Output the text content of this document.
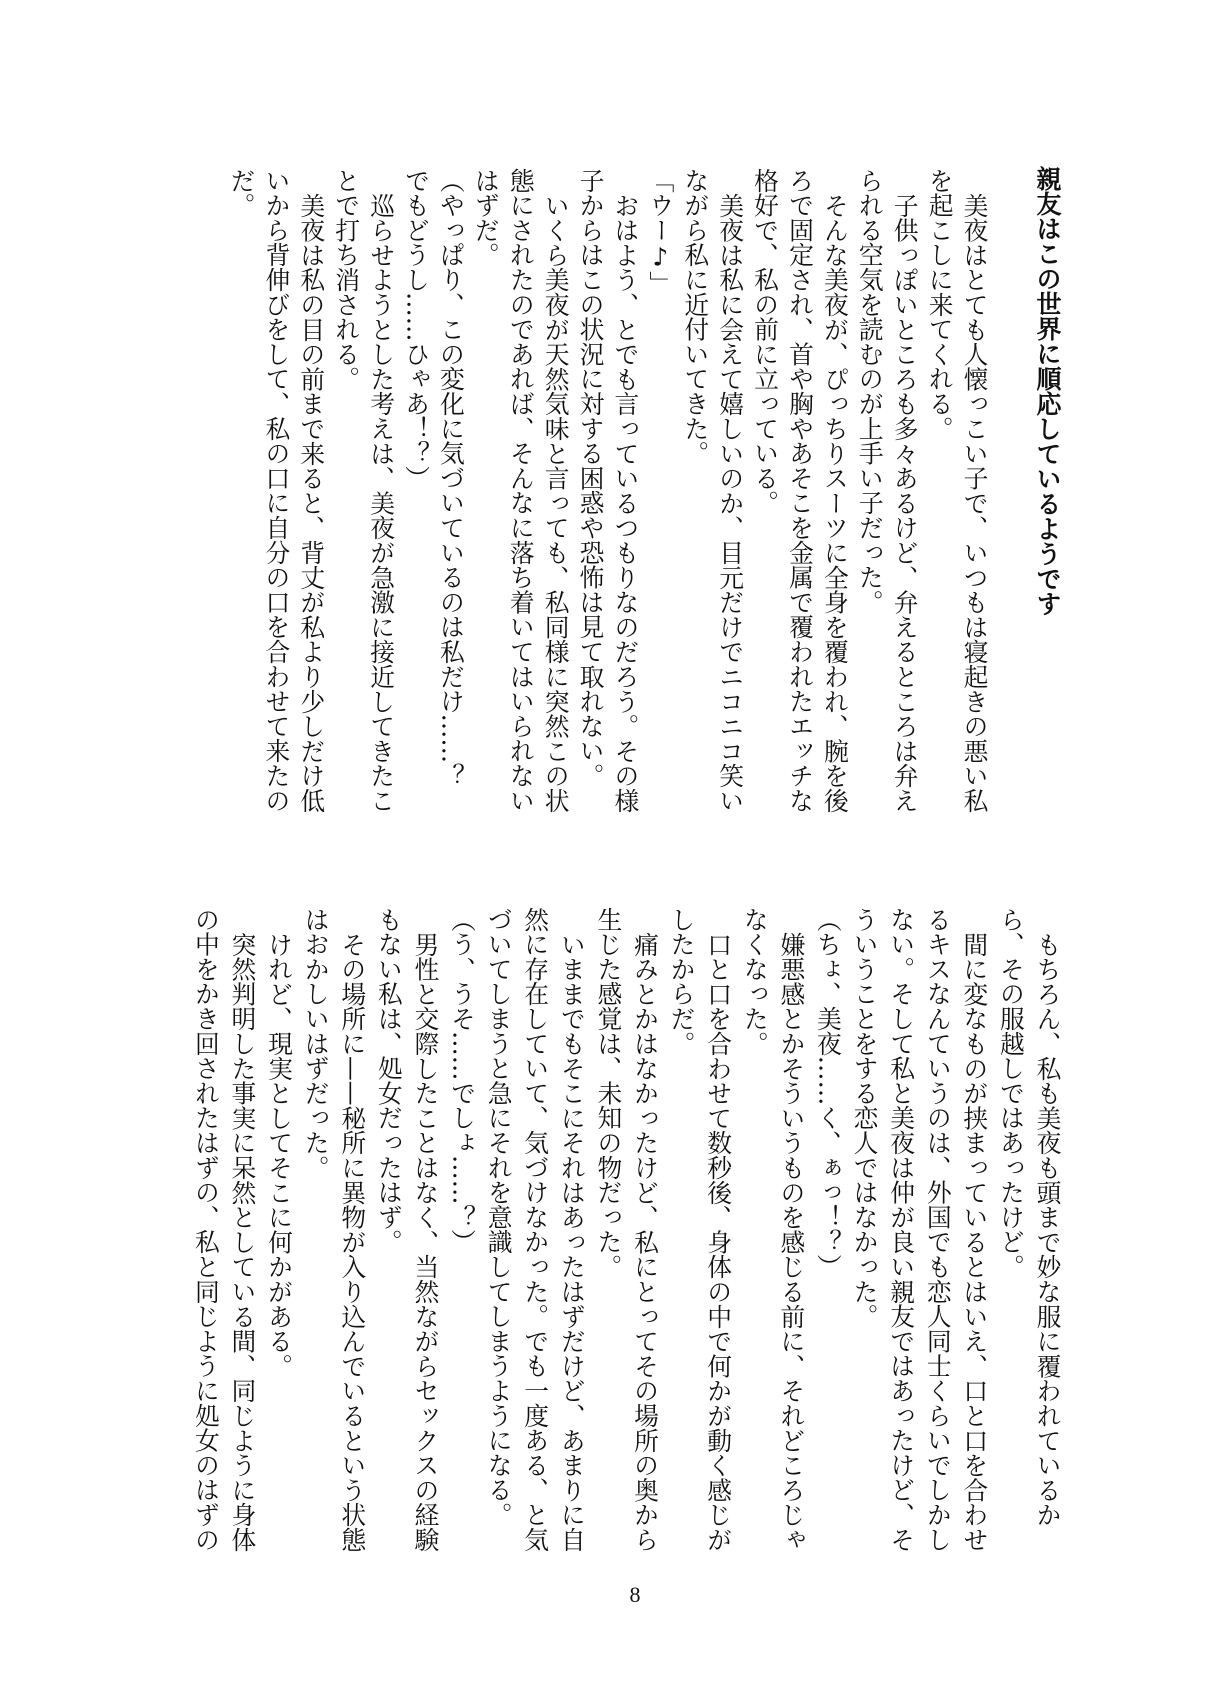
親友はこの世界に順応しているようです
美夜はとても人懐っこい子で、いつもは寝起きの悪い私
を起こしに来てくれる。
子供っぽいところも多々あるけど、弁えるところは弁え
られる空気を読むのが上手い子だった。
そんな美夜が、ぴっちりスーツに全身を覆われ、腕を後
ろで固定され、首や胸やあそこを金属で覆われたエッチな
格好で、私の前に立っている。
美夜は私に会えて嬉しいのか、目元だけでニコニコ笑い
ながら私に近付いてきた。
「ウー♪」
おはよう、とでも言っているつもりなのだろう。その様
子からはこの状況に対する困惑や恐怖は見て取れない。
いくら美夜が天然気味と言っても、私同様に突然この状
態にされたのであれば、そんなに落ち着いてはいられない
はずだ。
（やっぱり、この変化に気づいているのは私だけ……？
でもどうし……ひゃあ！？）
巡らせようとした考えは、美夜が急激に接近してきたこ
とで打ち消される。
美夜は私の目の前まで来ると、背丈が私より少しだけ低
いから背伸びをして、私の口に自分の口を合わせて来たの
だ。
もちろん、私も美夜も頭まで妙な服に覆われているか
ら、その服越しではあったけど。
間に変なものが挟まっているとはいえ、口と口を合わせ
るキスなんていうのは、外国でも恋人同士くらいでしかし
ない。そして私と美夜は仲が良い親友ではあったけど、そ
ういうことをする恋人ではなかった。
（ちょ、美夜……く、ぁっ！？）
嫌悪感とかそういうものを感じる前に、それどころじゃ
なくなった。
口と口を合わせて数秒後、身体の中で何かが動く感じが
したからだ。
痛みとかはなかったけど、私にとってその場所の奥から
生じた感覚は、未知の物だった。
いままでもそこにそれはあったはずだけど、あまりに自
然に存在していて、気づけなかった。でも一度ある、と気
づいてしまうと急にそれを意識してしまうようになる。
（う、うそ……でしょ……？）
男性と交際したことはなく、当然ながらセックスの経験
もない私は、処女だったはず。
その場所に——秘所に異物が入り込んでいるという状態
はおかしいはずだった。
けれど、現実としてそこに何かがある。
突然判明した事実に呆然としている間、同じように身体
の中をかき回されたはずの、私と同じように処女のはずの
8
